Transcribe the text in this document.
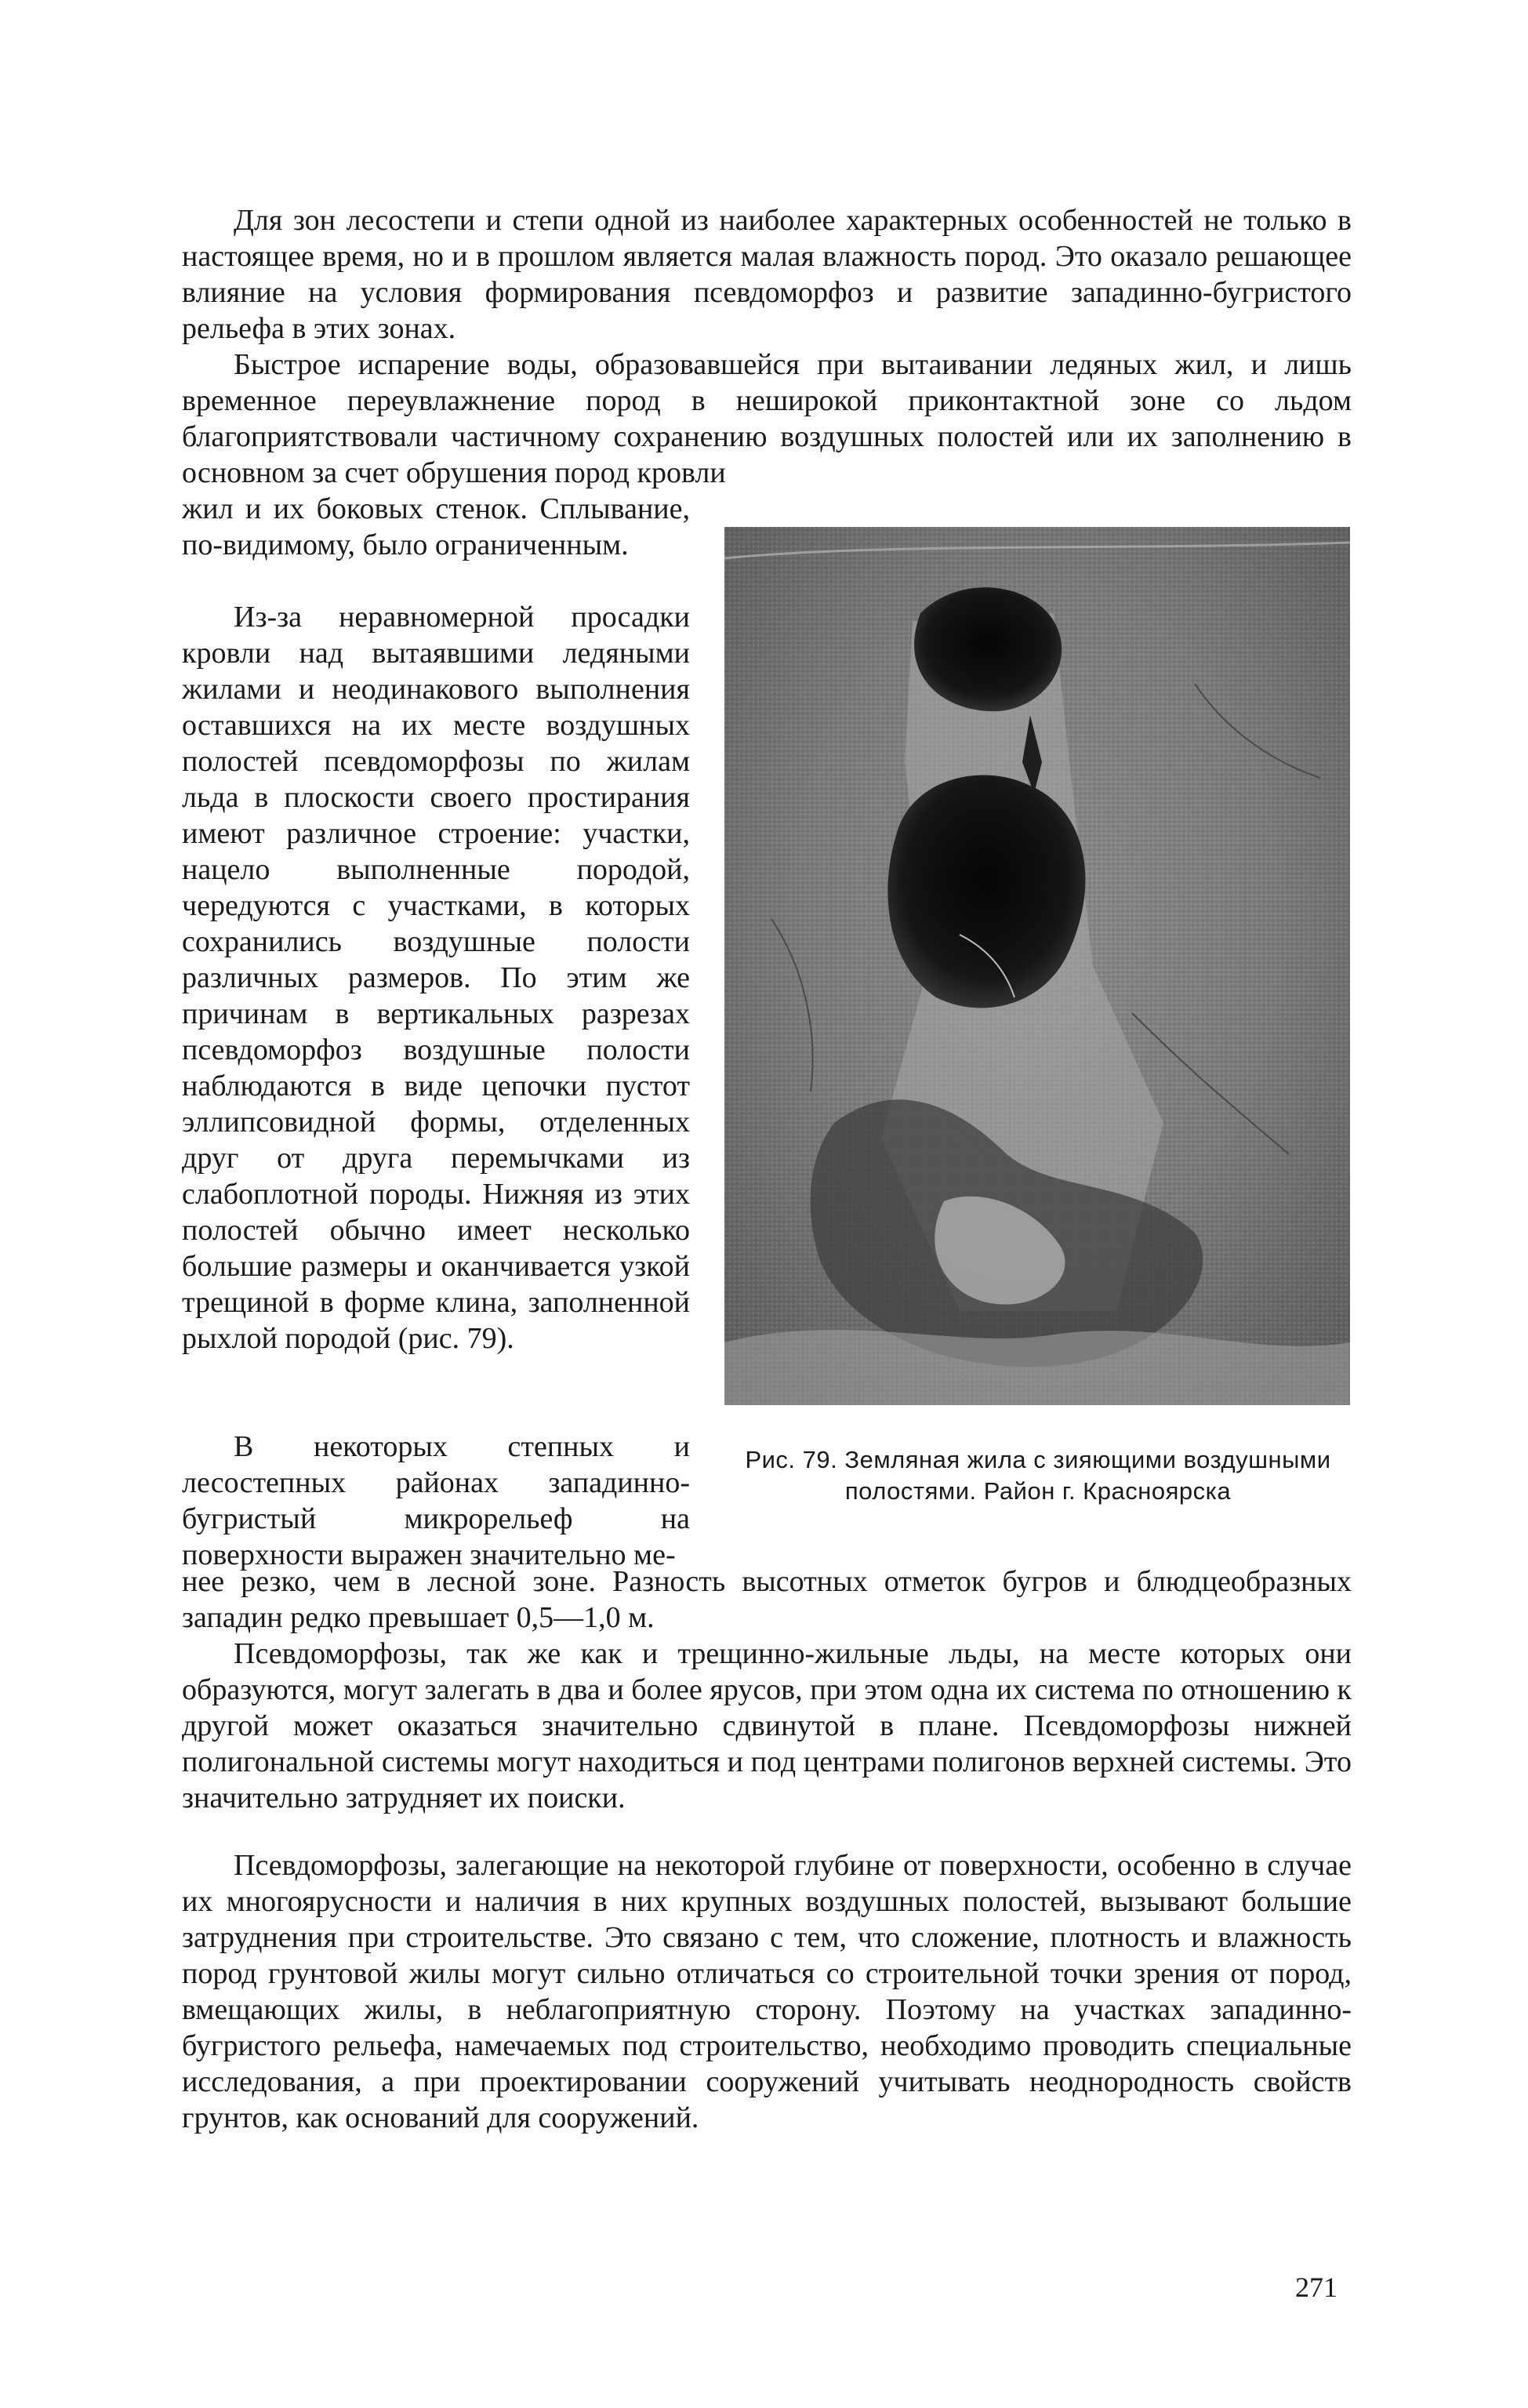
Для зон лесостепи и степи одной из наиболее характерных особенностей не только в настоящее время, но и в прошлом является малая влажность пород. Это оказало решающее влияние на условия формирования псевдоморфоз и развитие западинно-бугристого рельефа в этих зонах.

Быстрое испарение воды, образовавшейся при вытаивании ледяных жил, и лишь временное переувлажнение пород в неширокой приконтактной зоне со льдом благоприятствовали частичному сохранению воздушных полостей или их заполнению в основном за счет обрушения пород кровли

жил и их боковых стенок. Сплывание, по-видимому, было ограниченным.

Из-за неравномерной просадки кровли над вытаявшими ледяными жилами и неодинакового выполнения оставшихся на их месте воздушных полостей псевдоморфозы по жилам льда в плоскости своего простирания имеют различное строение: участки, нацело выполненные породой, чередуются с участками, в которых сохранились воздушные полости различных размеров. По этим же причинам в вертикальных разрезах псевдоморфоз воздушные полости наблюдаются в виде цепочки пустот эллипсовидной формы, отделенных друг от друга перемычками из слабоплотной породы. Нижняя из этих полостей обычно имеет несколько большие размеры и оканчивается узкой трещиной в форме клина, заполненной рыхлой породой (рис. 79).

В некоторых степных и лесостепных районах западинно-бугристый микрорельеф на поверхности выражен значительно ме-

нее резко, чем в лесной зоне. Разность высотных отметок бугров и блюдцеобразных западин редко превышает 0,5—1,0 м.

Псевдоморфозы, так же как и трещинно-жильные льды, на месте которых они образуются, могут залегать в два и более ярусов, при этом одна их система по отношению к другой может оказаться значительно сдвинутой в плане. Псевдоморфозы нижней полигональной системы могут находиться и под центрами полигонов верхней системы. Это значительно затрудняет их поиски.

Псевдоморфозы, залегающие на некоторой глубине от поверхности, особенно в случае их многоярусности и наличия в них крупных воздушных полостей, вызывают большие затруднения при строительстве. Это связано с тем, что сложение, плотность и влажность пород грунтовой жилы могут сильно отличаться со строительной точки зрения от пород, вмещающих жилы, в неблагоприятную сторону. Поэтому на участках западинно-бугристого рельефа, намечаемых под строительство, необходимо проводить специальные исследования, а при проектировании сооружений учитывать неоднородность свойств грунтов, как оснований для сооружений.

Рис. 79. Земляная жила с зияющими воздушными полостями. Район г. Красноярска

271
